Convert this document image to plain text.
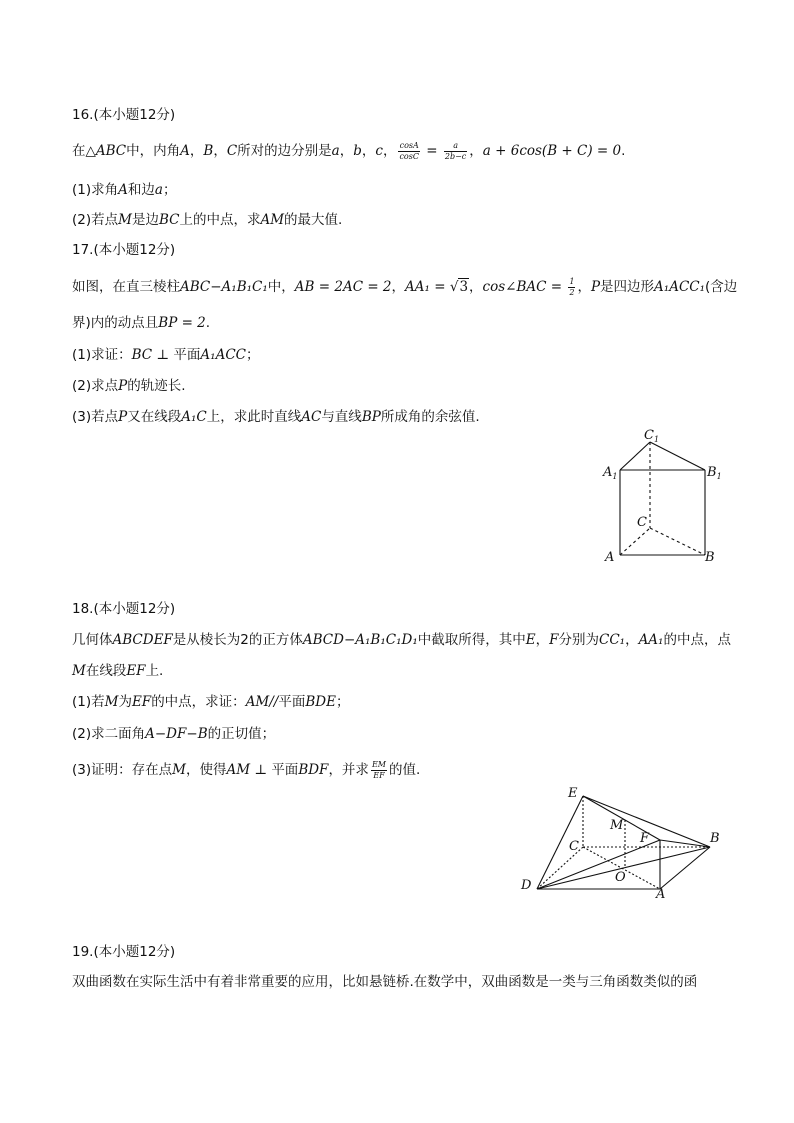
16.(本小题12分)
在△ABC中，内角A，B，C所对的边分别是a，b，c， $\frac{\cos A}{\cos C} = \frac{a}{2b-c}$ ，a + 6cos(B + C) = 0.
(1)求角A和边a；
(2)若点M是边BC上的中点，求AM的最大值.
17.(本小题12分)
如图，在直三棱柱ABC−A₁B₁C₁中，AB = 2AC = 2，AA₁ = √3，cos∠BAC = $\frac{1}{2}$ ，P是四边形A₁ACC₁(含边
界)内的动点且BP = 2.
(1)求证：BC ⊥ 平面A₁ACC；
(2)求点P的轨迹长.
(3)若点P又在线段A₁C上，求此时直线AC与直线BP所成角的余弦值.
$C_1$
$A_1$	$B_1$
C
A	B
18.(本小题12分)
几何体ABCDEF是从棱长为2的正方体ABCD−A₁B₁C₁D₁中截取所得，其中E，F分别为CC₁，AA₁的中点，点
M在线段EF上.
(1)若M为EF的中点，求证：AM//平面BDE；
(2)求二面角A−DF−B的正切值；
(3)证明：存在点M，使得AM ⊥ 平面BDF，并求 $\frac{EM}{EF}$ 的值.
E
M
F	B
C
O
D
A
19.(本小题12分)
双曲函数在实际生活中有着非常重要的应用，比如悬链桥.在数学中，双曲函数是一类与三角函数类似的函
